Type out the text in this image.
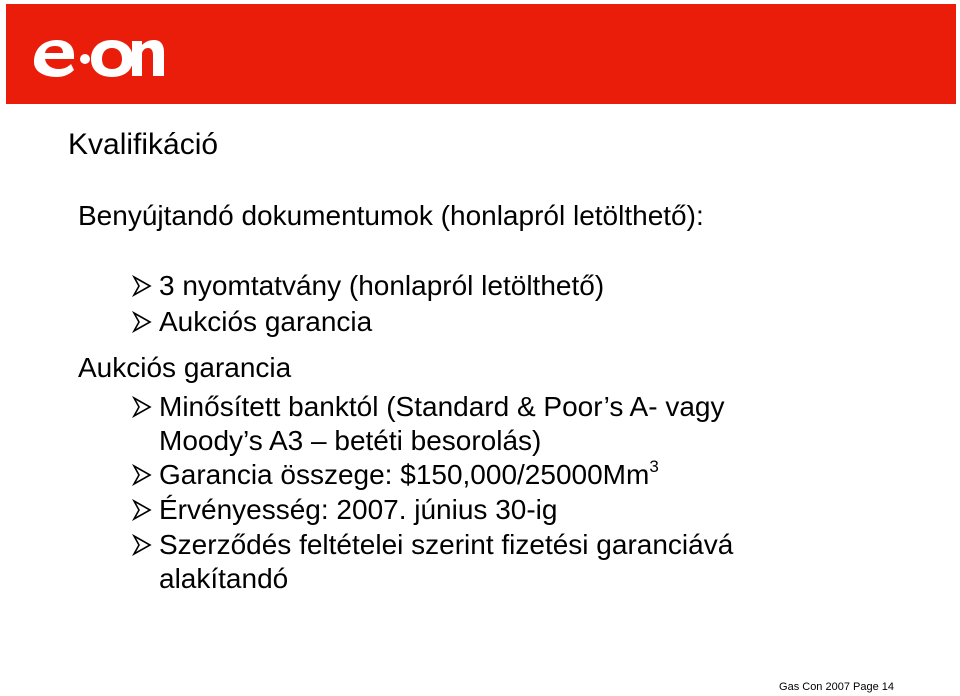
Kvalifikáció

Benyújtandó dokumentumok (honlapról letölthető):

3 nyomtatvány (honlapról letölthető)
Aukciós garancia

Aukciós garancia

Minősített banktól (Standard & Poor’s A- vagy

Moody’s A3 – betéti besorolás)

Garancia összege: $150,000/25000Mm$^3$
Érvényesség: 2007. június 30-ig
Szerződés feltételei szerint fizetési garanciává

alakítandó

Gas Con 2007 Page 14
